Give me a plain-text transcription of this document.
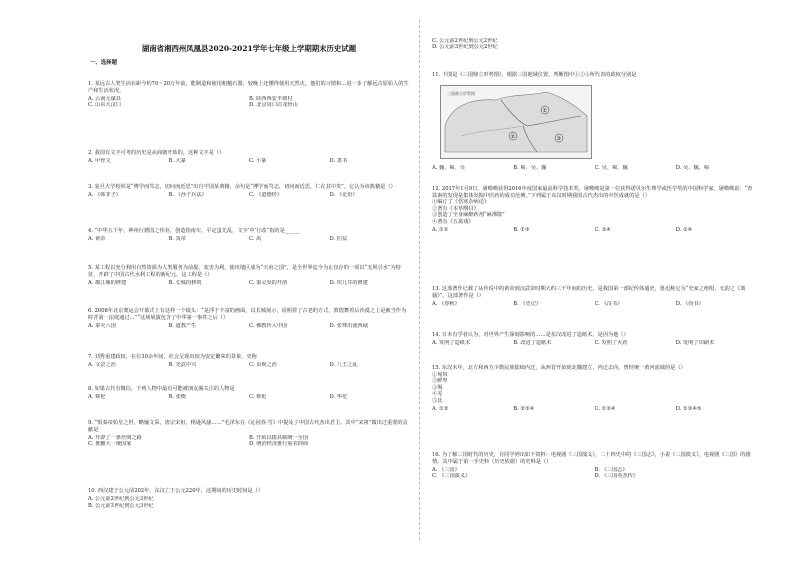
湖南省湘西州凤凰县2020-2021学年七年级上学期期末历史试题
一、选择题
1. 某远古人类生活在距今约70～20万年前，能制造和使用粗糙石器，较晚上还懂得使用天然火。他们的习惯和…进一步了解远古原始人的生产和生活状况。
A. 云南元谋县	B. 陕西西安半坡村
C. 山东大汶口	D. 北京周口店龙骨山
2. 我国有文字可考的历史是从商朝开始的，这种文字是（）
A. 甲骨文	B. 大篆	C. 小篆	D. 隶书
3. 复旦大学校训是“博学而笃志，切问而近思”出自中国某典籍，余句是“博学而笃志，切问而近思，仁在其中矣”。它认为该典籍是（）
A. 《韩非子》	B. 《孙子兵法》	C. 《道德经》	D. 《论语》
4. “中华五千年，神州行德国之伟业，创造指南车，平定蚩尤乱，文字‘中’行改”指的是______
A. 黄帝	B. 炎帝	C. 禹	D. 伯益
5. 某工程以充分利用自然资源为人类服务为前提，变害为利，使该地区成为“天府之国”，是全世界迄今为止仅存的一项以“无坝引水”为特征，开辟了中国古代水利工程的新纪元。这工程是（）
A. 都江堰的修建	B. 长城的修筑	C. 秦灵渠的开凿	D. 坎儿井的修建
6. 2008年北京奥运会开幕式上有这样一个镜头：“是浮于丰富的画面，以长城展示，说明着了古老的方式，敦煌舞着后沙漠之上是被当作为时并第一法庭通过…”“这场展演包含了中华第一事件之后（）
A. 秦灭六国	B. 道教产生	C. 佛教传入中国	D. 张骞出使西域
7. 刘秀重建政权，在位30余年间，社会呈现出较为安定繁荣的景象，史称
A. 文景之治	B. 光武中兴	C. 贞观之治	D. 八王之乱
8. 如果古代有微信，下列人物中最有可能被朋友圈关注的人物是
A. 蔡伦	B. 张衡	C. 蔡伦	D. 华佗
9. “恨秦帝始皇之世，略输文采，唐宗宋祖，稍逊风骚……”毛泽东在《沁园春·雪》中提及了中国古代杰出君主。其中“宋祖”做出过重要的贡献是
A. 开辟了一条丝绸之路	B. 开始以郡县制统一全国
C. 推翻大一统国家	D. 统治经济推行重农抑商
10. 西汉建于公元前202年，东汉亡于公元220年，这期间的历史时间是（）
A. 公元前2世纪到公元3世纪
B. 公元前3世纪到公元3世纪
C. 公元前2世纪到公元2世纪
D. 公元前3世纪到公元2世纪
11. 下图是《三国鼎立形势图》，根据三国地域位置，判断图中①②③所代表的政权分别是
①
②	③
三国鼎立形势图
A. 魏、蜀、吴	B. 蜀、吴、魏	C. 吴、蜀、魏	D. 吴、魏、蜀
12. 2017年1月9日，屠呦呦获得2016年度国家最高科学技术奖。屠呦呦是第一位获得诺贝尔生理学或医学奖的中国科学家。屠呦呦说：“青蒿素的发现是集体发掘中医药的成功范例，”下列属于东汉时期我国古代杰出的中医成就的是（）
①编订了《伤寒杂病论》
②著有《本草纲目》
③创造了全身麻醉药剂“麻沸散”
④著有《五禽戏》
A. ①②	B. ①③	C. ③④	D. ①④
13. 这部著作记载了从传说中的黄帝到汉武帝时期大约三千年间的历史，是我国第一部纪传体通史，鲁迅称它为“史家之绝唱，无韵之《离骚》”。这部著作是（）
A. 《春秋》	B. 《史记》	C. 《汉书》	D. 《尚书》
14. 日本有学者认为，对世界产生深刻影响的……是东汉改进了造纸术，是因为他（）
A. 发明了造纸术	B. 改进了造纸术	C. 发明了火药	D. 发明了印刷术
15. 东汉末年，北方和西方少数民族陆续内迁，从西晋开始到北魏建立，内迁去向，曾经统一黄河流域的是（）
①匈奴
②鲜卑
③羯
④羌
⑤氐
A. ①②	B. ②③④	C. ①③④	D. ①③④⑤
16. 为了解三国时代的历史，有同学列出如下资料：电视剧《三国演义》，二十四史中的《三国志》，小说《三国演义》，电视剧《三国》的剧情。其中属于第一手史料（历史依据）的史料是（）
A. 《三国》	B. 《三国志》
C. 《三国演义》	D. 《三国英杰传》
